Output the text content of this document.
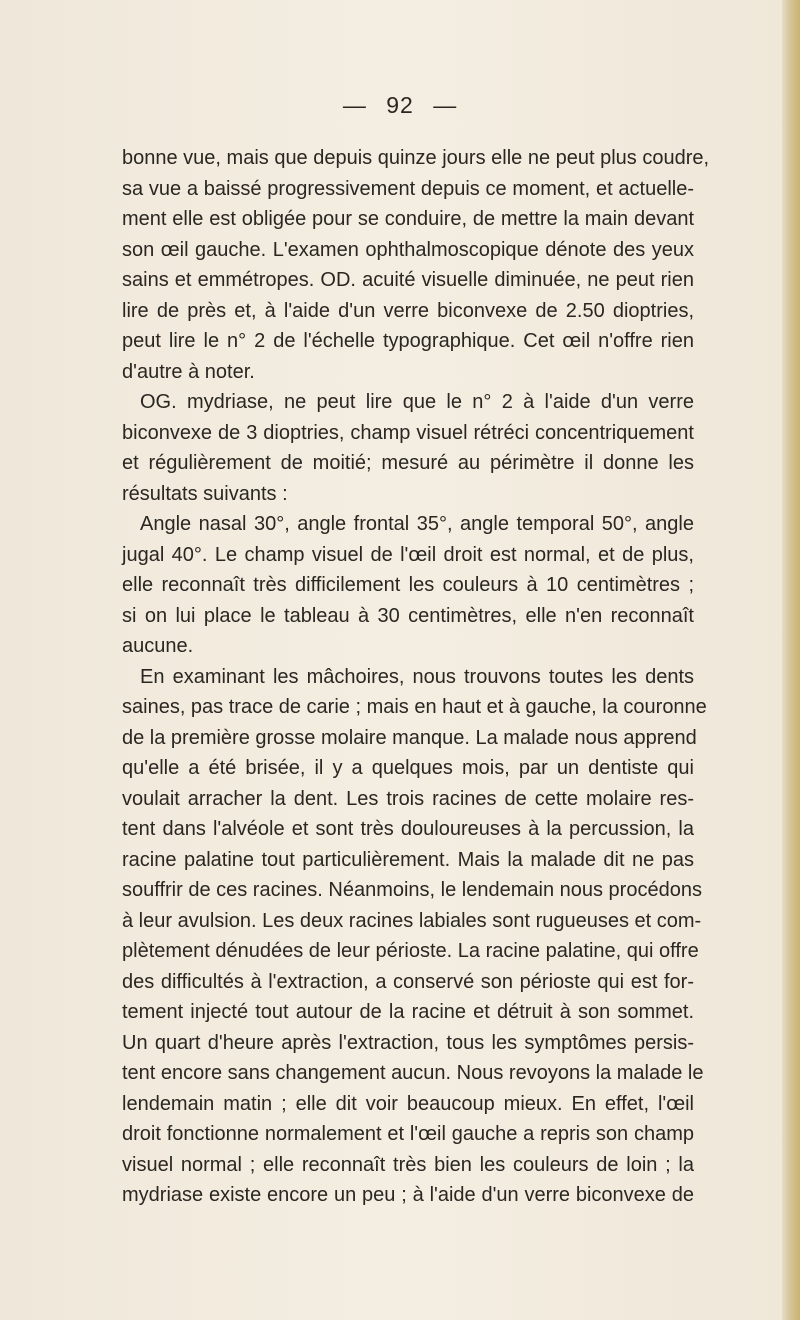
— 92 —
bonne vue, mais que depuis quinze jours elle ne peut plus coudre,
sa vue a baissé progressivement depuis ce moment, et actuelle-
ment elle est obligée pour se conduire, de mettre la main devant
son œil gauche. L'examen ophthalmoscopique dénote des yeux
sains et emmétropes. OD. acuité visuelle diminuée, ne peut rien
lire de près et, à l'aide d'un verre biconvexe de 2.50 dioptries,
peut lire le n° 2 de l'échelle typographique. Cet œil n'offre rien
d'autre à noter.
OG. mydriase, ne peut lire que le n° 2 à l'aide d'un verre
biconvexe de 3 dioptries, champ visuel rétréci concentriquement
et régulièrement de moitié; mesuré au périmètre il donne les
résultats suivants :
Angle nasal 30°, angle frontal 35°, angle temporal 50°, angle
jugal 40°. Le champ visuel de l'œil droit est normal, et de plus,
elle reconnaît très difficilement les couleurs à 10 centimètres ;
si on lui place le tableau à 30 centimètres, elle n'en reconnaît
aucune.
En examinant les mâchoires, nous trouvons toutes les dents
saines, pas trace de carie ; mais en haut et à gauche, la couronne
de la première grosse molaire manque. La malade nous apprend
qu'elle a été brisée, il y a quelques mois, par un dentiste qui
voulait arracher la dent. Les trois racines de cette molaire res-
tent dans l'alvéole et sont très douloureuses à la percussion, la
racine palatine tout particulièrement. Mais la malade dit ne pas
souffrir de ces racines. Néanmoins, le lendemain nous procédons
à leur avulsion. Les deux racines labiales sont rugueuses et com-
plètement dénudées de leur périoste. La racine palatine, qui offre
des difficultés à l'extraction, a conservé son périoste qui est for-
tement injecté tout autour de la racine et détruit à son sommet.
Un quart d'heure après l'extraction, tous les symptômes persis-
tent encore sans changement aucun. Nous revoyons la malade le
lendemain matin ; elle dit voir beaucoup mieux. En effet, l'œil
droit fonctionne normalement et l'œil gauche a repris son champ
visuel normal ; elle reconnaît très bien les couleurs de loin ; la
mydriase existe encore un peu ; à l'aide d'un verre biconvexe de
